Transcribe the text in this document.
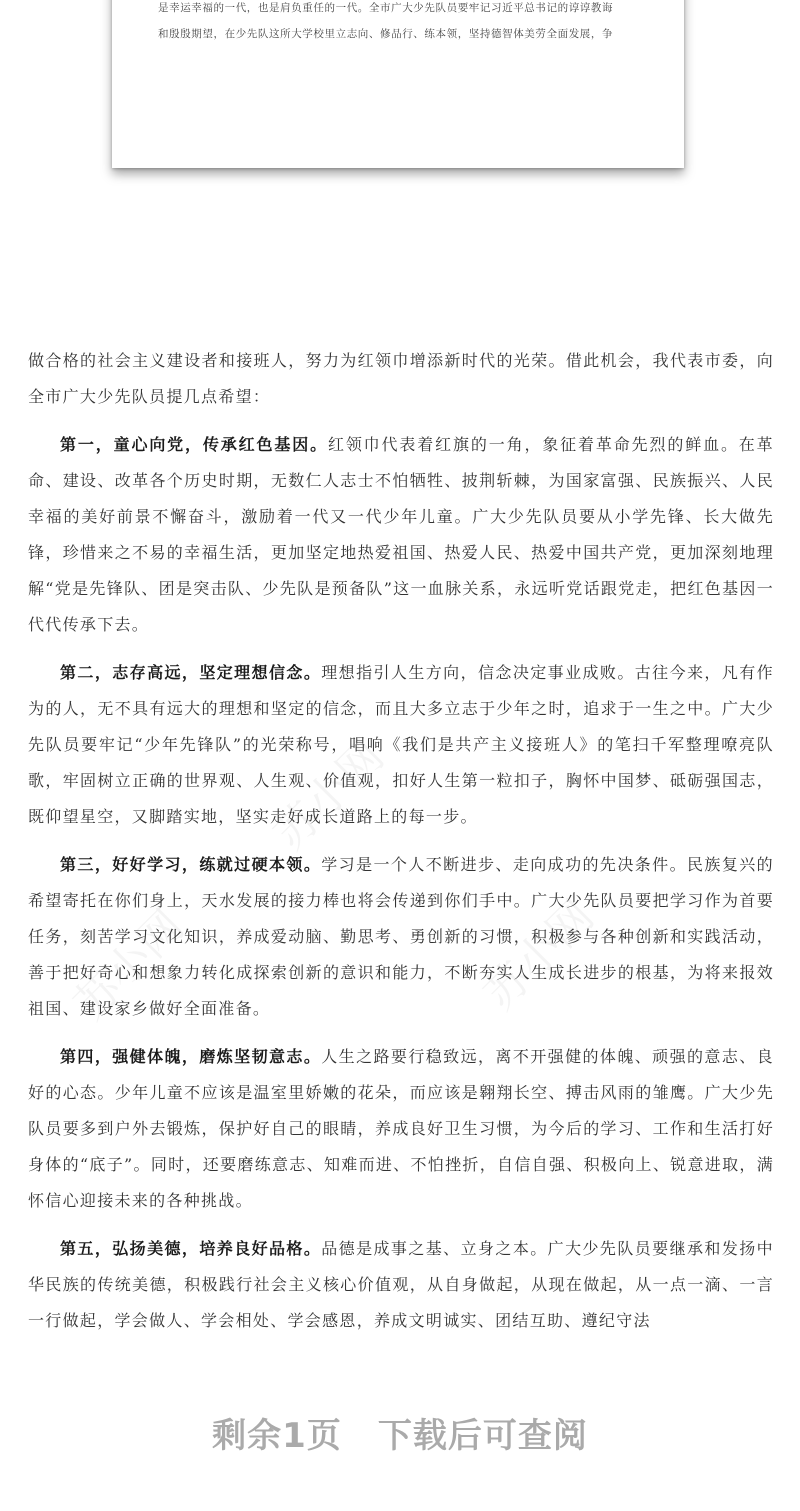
是幸运幸福的一代，也是肩负重任的一代。全市广大少先队员要牢记习近平总书记的谆谆教诲
和殷殷期望，在少先队这所大学校里立志向、修品行、练本领，坚持德智体美劳全面发展，争

做合格的社会主义建设者和接班人，努力为红领巾增添新时代的光荣。借此机会，我代表市委，向全市广大少先队员提几点希望：

第一，童心向党，传承红色基因。红领巾代表着红旗的一角，象征着革命先烈的鲜血。在革命、建设、改革各个历史时期，无数仁人志士不怕牺牲、披荆斩棘，为国家富强、民族振兴、人民幸福的美好前景不懈奋斗，激励着一代又一代少年儿童。广大少先队员要从小学先锋、长大做先锋，珍惜来之不易的幸福生活，更加坚定地热爱祖国、热爱人民、热爱中国共产党，更加深刻地理解“党是先锋队、团是突击队、少先队是预备队”这一血脉关系，永远听党话跟党走，把红色基因一代代传承下去。

第二，志存高远，坚定理想信念。理想指引人生方向，信念决定事业成败。古往今来，凡有作为的人，无不具有远大的理想和坚定的信念，而且大多立志于少年之时，追求于一生之中。广大少先队员要牢记“少年先锋队”的光荣称号，唱响《我们是共产主义接班人》的笔扫千军整理嘹亮队歌，牢固树立正确的世界观、人生观、价值观，扣好人生第一粒扣子，胸怀中国梦、砥砺强国志，既仰望星空，又脚踏实地，坚实走好成长道路上的每一步。

第三，好好学习，练就过硬本领。学习是一个人不断进步、走向成功的先决条件。民族复兴的希望寄托在你们身上，天水发展的接力棒也将会传递到你们手中。广大少先队员要把学习作为首要任务，刻苦学习文化知识，养成爱动脑、勤思考、勇创新的习惯，积极参与各种创新和实践活动，善于把好奇心和想象力转化成探索创新的意识和能力，不断夯实人生成长进步的根基，为将来报效祖国、建设家乡做好全面准备。

第四，强健体魄，磨炼坚韧意志。人生之路要行稳致远，离不开强健的体魄、顽强的意志、良好的心态。少年儿童不应该是温室里娇嫩的花朵，而应该是翱翔长空、搏击风雨的雏鹰。广大少先队员要多到户外去锻炼，保护好自己的眼睛，养成良好卫生习惯，为今后的学习、工作和生活打好身体的“底子”。同时，还要磨练意志、知难而进、不怕挫折，自信自强、积极向上、锐意进取，满怀信心迎接未来的各种挑战。

第五，弘扬美德，培养良好品格。品德是成事之基、立身之本。广大少先队员要继承和发扬中华民族的传统美德，积极践行社会主义核心价值观，从自身做起，从现在做起，从一点一滴、一言一行做起，学会做人、学会相处、学会感恩，养成文明诚实、团结互助、遵纪守法

剩余1页 下载后可查阅
